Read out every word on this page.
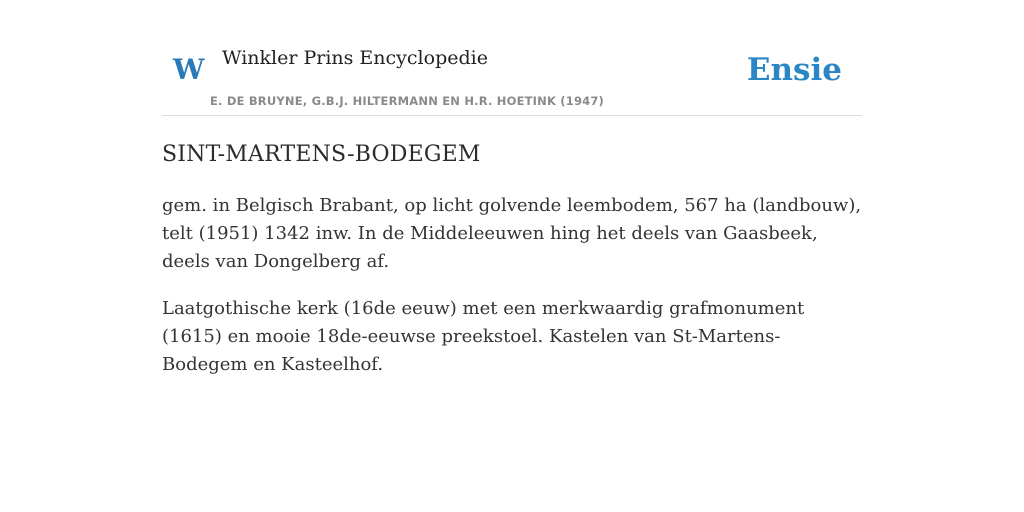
W Winkler Prins Encyclopedie
E. DE BRUYNE, G.B.J. HILTERMANN EN H.R. HOETINK (1947)
Ensie
SINT-MARTENS-BODEGEM

gem. in Belgisch Brabant, op licht golvende leembodem, 567 ha (landbouw), telt (1951) 1342 inw. In de Middeleeuwen hing het deels van Gaasbeek, deels van Dongelberg af.

Laatgothische kerk (16de eeuw) met een merkwaardig grafmonument (1615) en mooie 18de-eeuwse preekstoel. Kastelen van St-Martens-Bodegem en Kasteelhof.
